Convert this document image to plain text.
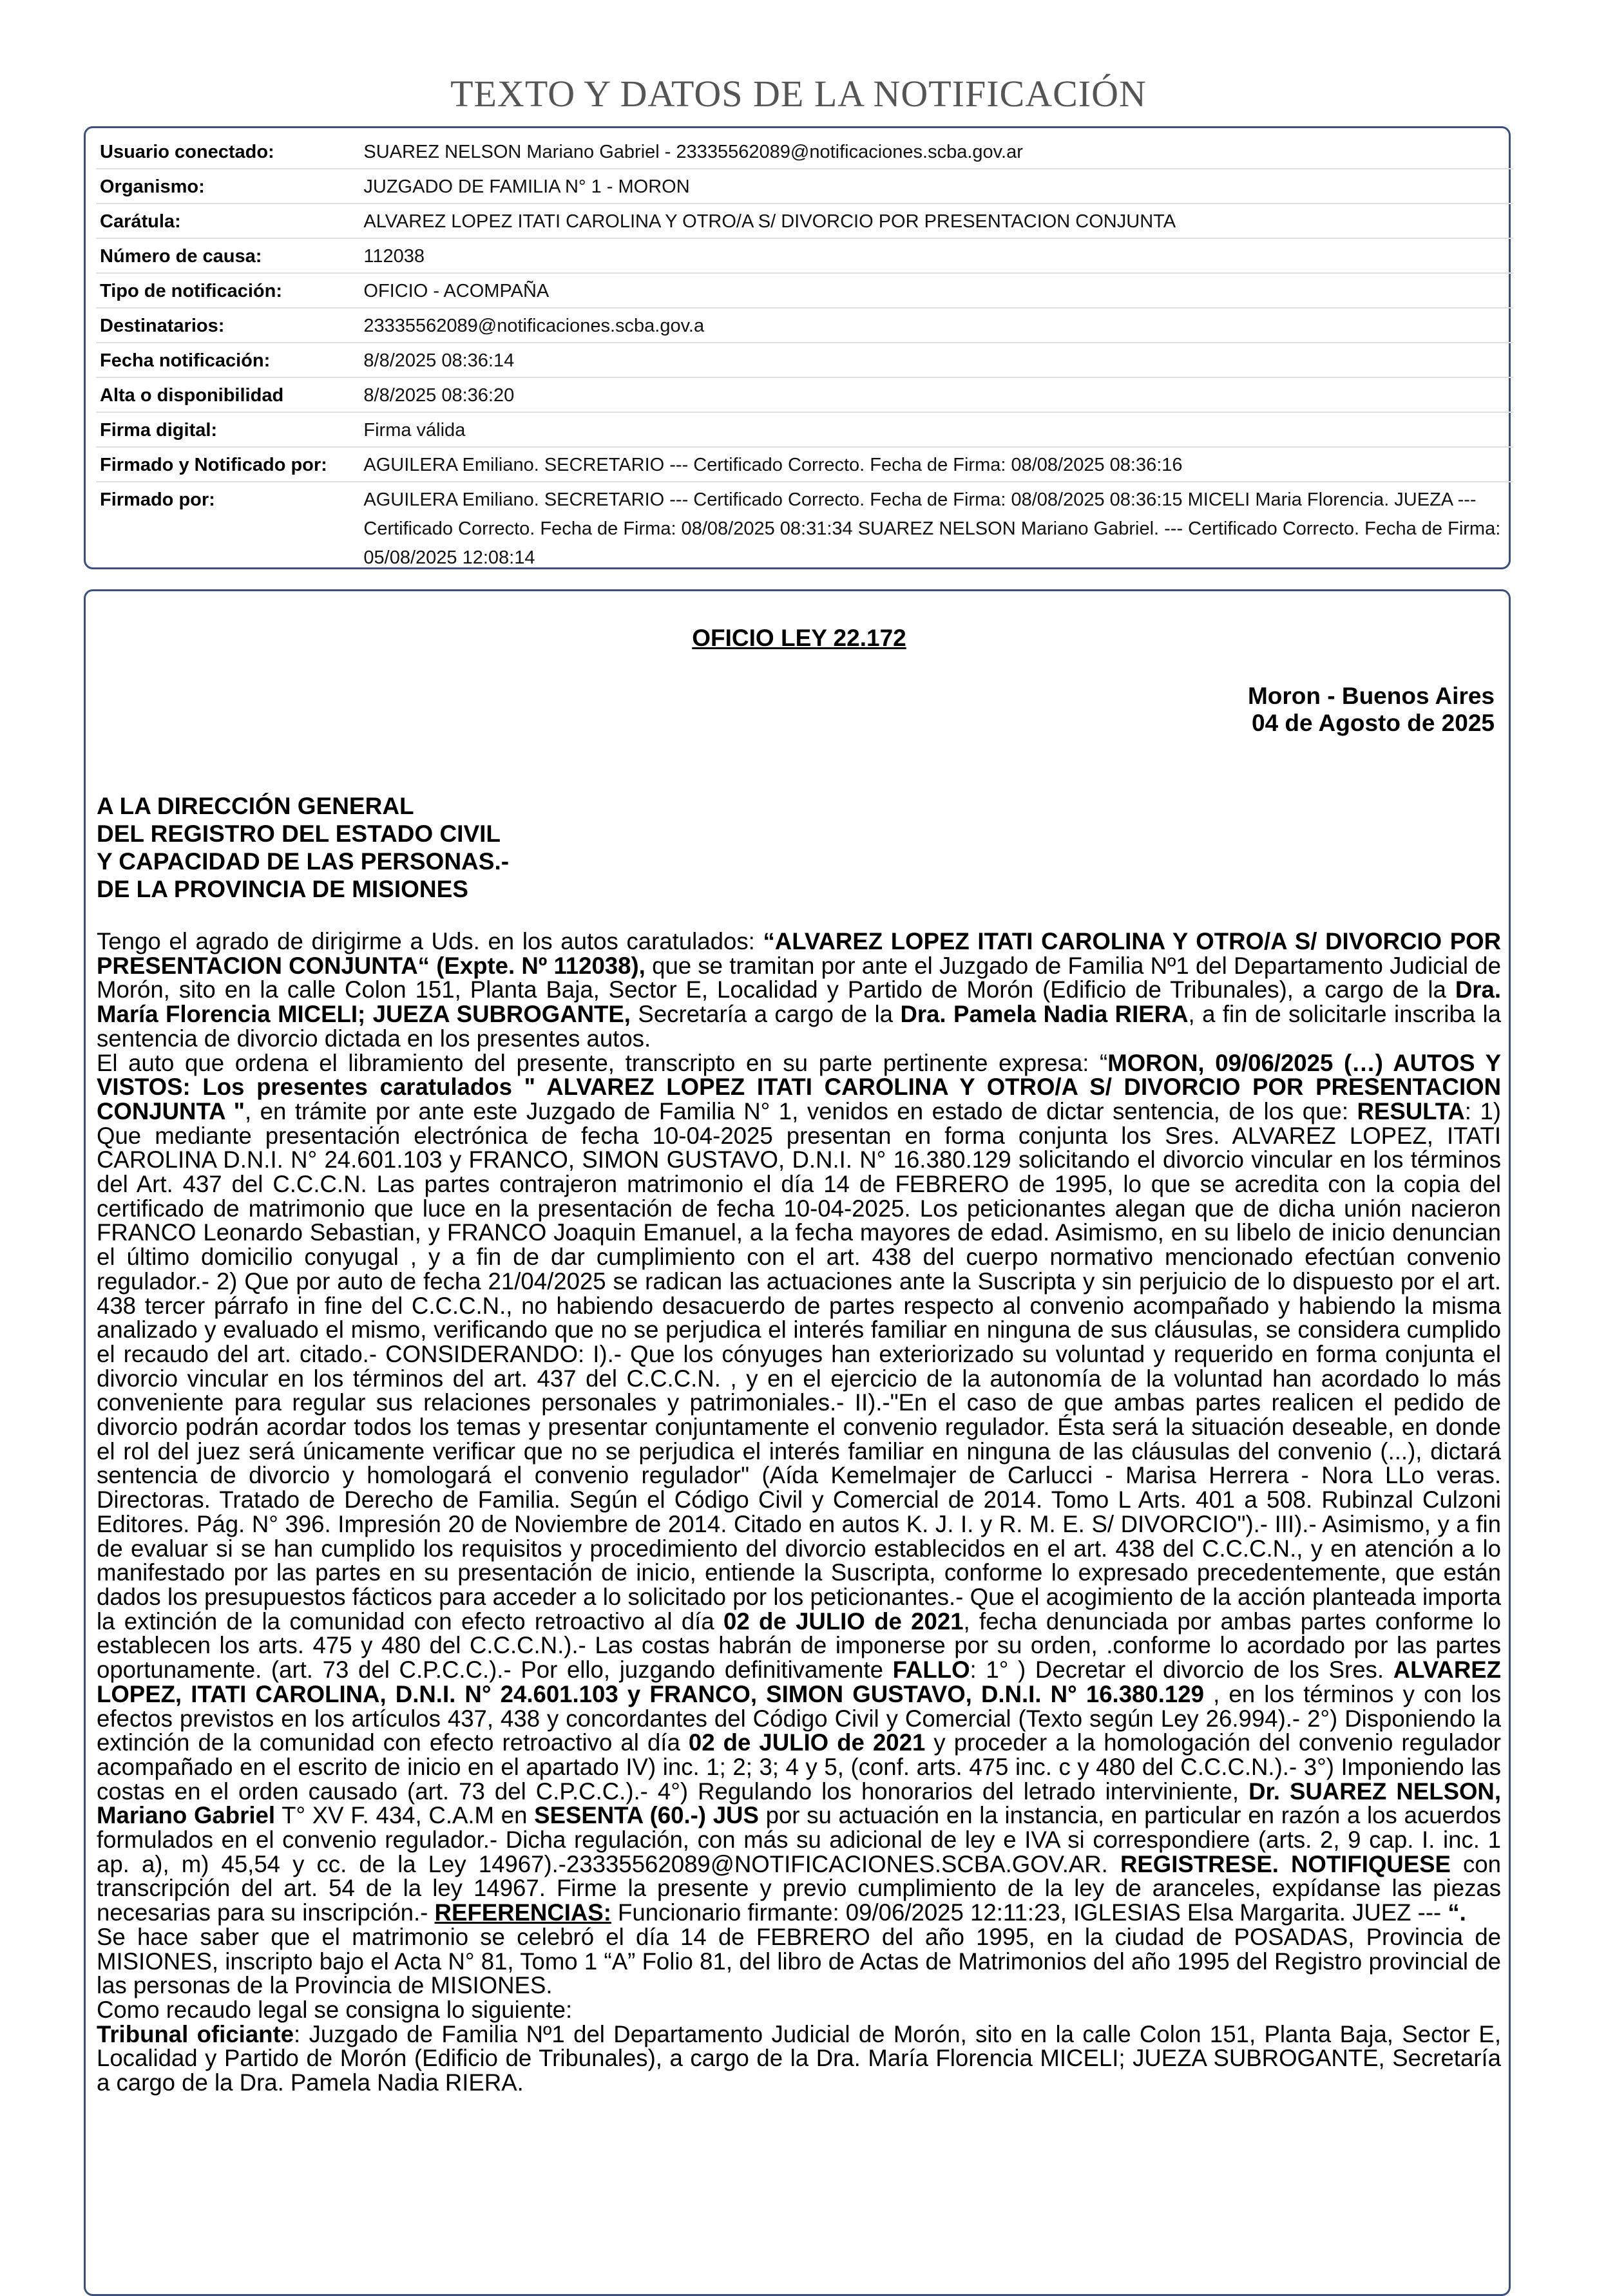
TEXTO Y DATOS DE LA NOTIFICACIÓN
Usuario conectado:	SUAREZ NELSON Mariano Gabriel - 23335562089@notificaciones.scba.gov.ar
Organismo:	JUZGADO DE FAMILIA N° 1 - MORON
Carátula:	ALVAREZ LOPEZ ITATI CAROLINA Y OTRO/A S/ DIVORCIO POR PRESENTACION CONJUNTA
Número de causa:	112038
Tipo de notificación:	OFICIO - ACOMPAÑA
Destinatarios:	23335562089@notificaciones.scba.gov.a
Fecha notificación:	8/8/2025 08:36:14
Alta o disponibilidad	8/8/2025 08:36:20
Firma digital:	Firma válida
Firmado y Notificado por:	AGUILERA Emiliano. SECRETARIO --- Certificado Correcto. Fecha de Firma: 08/08/2025 08:36:16
Firmado por:	AGUILERA Emiliano. SECRETARIO --- Certificado Correcto. Fecha de Firma: 08/08/2025 08:36:15 MICELI Maria Florencia. JUEZA --- Certificado Correcto. Fecha de Firma: 08/08/2025 08:31:34 SUAREZ NELSON Mariano Gabriel. --- Certificado Correcto. Fecha de Firma: 05/08/2025 12:08:14
OFICIO LEY 22.172
Moron - Buenos Aires
04 de Agosto de 2025
A LA DIRECCIÓN GENERAL
DEL REGISTRO DEL ESTADO CIVIL
Y CAPACIDAD DE LAS PERSONAS.-
DE LA PROVINCIA DE MISIONES

Tengo el agrado de dirigirme a Uds. en los autos caratulados: “ALVAREZ LOPEZ ITATI CAROLINA Y OTRO/A S/ DIVORCIO POR PRESENTACION CONJUNTA“ (Expte. Nº 112038), que se tramitan por ante el Juzgado de Familia Nº1 del Departamento Judicial de Morón, sito en la calle Colon 151, Planta Baja, Sector E, Localidad y Partido de Morón (Edificio de Tribunales), a cargo de la Dra. María Florencia MICELI; JUEZA SUBROGANTE, Secretaría a cargo de la Dra. Pamela Nadia RIERA, a fin de solicitarle inscriba la sentencia de divorcio dictada en los presentes autos.

El auto que ordena el libramiento del presente, transcripto en su parte pertinente expresa: “MORON, 09/06/2025 (…) AUTOS Y VISTOS: Los presentes caratulados " ALVAREZ LOPEZ ITATI CAROLINA Y OTRO/A S/ DIVORCIO POR PRESENTACION CONJUNTA ", en trámite por ante este Juzgado de Familia N° 1, venidos en estado de dictar sentencia, de los que: RESULTA: 1) Que mediante presentación electrónica de fecha 10-04-2025 presentan en forma conjunta los Sres. ALVAREZ LOPEZ, ITATI CAROLINA D.N.I. N° 24.601.103 y FRANCO, SIMON GUSTAVO, D.N.I. N° 16.380.129 solicitando el divorcio vincular en los términos del Art. 437 del C.C.C.N. Las partes contrajeron matrimonio el día 14 de FEBRERO de 1995, lo que se acredita con la copia del certificado de matrimonio que luce en la presentación de fecha 10-04-2025. Los peticionantes alegan que de dicha unión nacieron FRANCO Leonardo Sebastian, y FRANCO Joaquin Emanuel, a la fecha mayores de edad. Asimismo, en su libelo de inicio denuncian el último domicilio conyugal , y a fin de dar cumplimiento con el art. 438 del cuerpo normativo mencionado efectúan convenio regulador.- 2) Que por auto de fecha 21/04/2025 se radican las actuaciones ante la Suscripta y sin perjuicio de lo dispuesto por el art. 438 tercer párrafo in fine del C.C.C.N., no habiendo desacuerdo de partes respecto al convenio acompañado y habiendo la misma analizado y evaluado el mismo, verificando que no se perjudica el interés familiar en ninguna de sus cláusulas, se considera cumplido el recaudo del art. citado.- CONSIDERANDO: I).- Que los cónyuges han exteriorizado su voluntad y requerido en forma conjunta el divorcio vincular en los términos del art. 437 del C.C.C.N. , y en el ejercicio de la autonomía de la voluntad han acordado lo más conveniente para regular sus relaciones personales y patrimoniales.- II).-"En el caso de que ambas partes realicen el pedido de divorcio podrán acordar todos los temas y presentar conjuntamente el convenio regulador. Ésta será la situación deseable, en donde el rol del juez será únicamente verificar que no se perjudica el interés familiar en ninguna de las cláusulas del convenio (...), dictará sentencia de divorcio y homologará el convenio regulador" (Aída Kemelmajer de Carlucci - Marisa Herrera - Nora LLo veras. Directoras. Tratado de Derecho de Familia. Según el Código Civil y Comercial de 2014. Tomo L Arts. 401 a 508. Rubinzal Culzoni Editores. Pág. N° 396. Impresión 20 de Noviembre de 2014. Citado en autos K. J. I. y R. M. E. S/ DIVORCIO").- III).- Asimismo, y a fin de evaluar si se han cumplido los requisitos y procedimiento del divorcio establecidos en el art. 438 del C.C.C.N., y en atención a lo manifestado por las partes en su presentación de inicio, entiende la Suscripta, conforme lo expresado precedentemente, que están dados los presupuestos fácticos para acceder a lo solicitado por los peticionantes.- Que el acogimiento de la acción planteada importa la extinción de la comunidad con efecto retroactivo al día 02 de JULIO de 2021, fecha denunciada por ambas partes conforme lo establecen los arts. 475 y 480 del C.C.C.N.).- Las costas habrán de imponerse por su orden, .conforme lo acordado por las partes oportunamente. (art. 73 del C.P.C.C.).- Por ello, juzgando definitivamente FALLO: 1° ) Decretar el divorcio de los Sres. ALVAREZ LOPEZ, ITATI CAROLINA, D.N.I. N° 24.601.103 y FRANCO, SIMON GUSTAVO, D.N.I. N° 16.380.129 , en los términos y con los efectos previstos en los artículos 437, 438 y concordantes del Código Civil y Comercial (Texto según Ley 26.994).- 2°) Disponiendo la extinción de la comunidad con efecto retroactivo al día 02 de JULIO de 2021 y proceder a la homologación del convenio regulador acompañado en el escrito de inicio en el apartado IV) inc. 1; 2; 3; 4 y 5, (conf. arts. 475 inc. c y 480 del C.C.C.N.).- 3°) Imponiendo las costas en el orden causado (art. 73 del C.P.C.C.).- 4°) Regulando los honorarios del letrado interviniente, Dr. SUAREZ NELSON, Mariano Gabriel T° XV F. 434, C.A.M en SESENTA (60.-) JUS por su actuación en la instancia, en particular en razón a los acuerdos formulados en el convenio regulador.- Dicha regulación, con más su adicional de ley e IVA si correspondiere (arts. 2, 9 cap. I. inc. 1 ap. a), m) 45,54 y cc. de la Ley 14967).-23335562089@NOTIFICACIONES.SCBA.GOV.AR. REGISTRESE. NOTIFIQUESE con transcripción del art. 54 de la ley 14967. Firme la presente y previo cumplimiento de la ley de aranceles, expídanse las piezas necesarias para su inscripción.- REFERENCIAS: Funcionario firmante: 09/06/2025 12:11:23, IGLESIAS Elsa Margarita. JUEZ --- “.

Se hace saber que el matrimonio se celebró el día 14 de FEBRERO del año 1995, en la ciudad de POSADAS, Provincia de MISIONES, inscripto bajo el Acta N° 81, Tomo 1 “A” Folio 81, del libro de Actas de Matrimonios del año 1995 del Registro provincial de las personas de la Provincia de MISIONES.

Como recaudo legal se consigna lo siguiente:

Tribunal oficiante: Juzgado de Familia Nº1 del Departamento Judicial de Morón, sito en la calle Colon 151, Planta Baja, Sector E, Localidad y Partido de Morón (Edificio de Tribunales), a cargo de la Dra. María Florencia MICELI; JUEZA SUBROGANTE, Secretaría a cargo de la Dra. Pamela Nadia RIERA.
